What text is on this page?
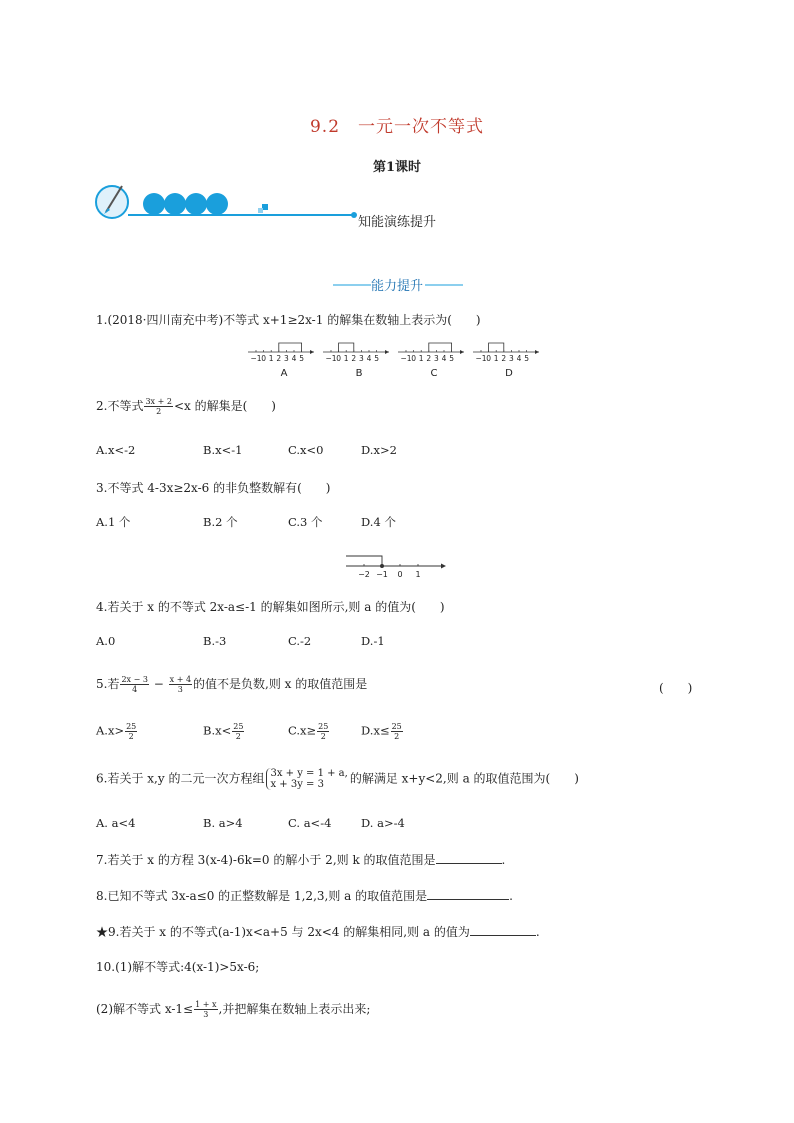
9.2　一元一次不等式
第1课时
知能演练提升
能力提升
1.(2018·四川南充中考)不等式 x+1≥2x-1 的解集在数轴上表示为(　　)
−1 0 1 2 3 4 5
A
−1 0 1 2 3 4 5
B
−1 0 1 2 3 4 5
C
−1 0 1 2 3 4 5
D
2.不等式 $\frac{3x + 2}{2} <x$ 的解集是(　　)
A.x<-2	B.x<-1	C.x<0	D.x>2
3.不等式 4-3x≥2x-6 的非负整数解有(　　)
A.1 个	B.2 个	C.3 个	D.4 个
−2 −1 0 1
4.若关于 x 的不等式 2x-a≤-1 的解集如图所示,则 a 的值为(　　)
A.0	B.-3	C.-2	D.-1
5.若 $\frac{2x - 3}{4} - \frac{x + 4}{3}$ 的值不是负数,则 x 的取值范围是	(　　)
$A.x> \frac{25}{2}$	$B.x< \frac{25}{2}$	$C.x\ge \frac{25}{2}$	$D.x\le \frac{25}{2}$
6.若关于 x,y 的二元一次方程组 3x + y = 1 + a,
x + 3y = 3	的解满足 x+y<2,则 a 的取值范围为(　　)
A. a<4	B. a>4	C. a<-4	D. a>-4
7.若关于 x 的方程 3(x-4)-6k=0 的解小于 2,则 k 的取值范围是	.
8.已知不等式 3x-a≤0 的正整数解是 1,2,3,则 a 的取值范围是	.
★9.若关于 x 的不等式(a-1)x<a+5 与 2x<4 的解集相同,则 a 的值为	.
10.(1)解不等式:4(x-1)>5x-6;
(2)解不等式 $x-1\le \frac{1 + x}{3}$ ,并把解集在数轴上表示出来;
